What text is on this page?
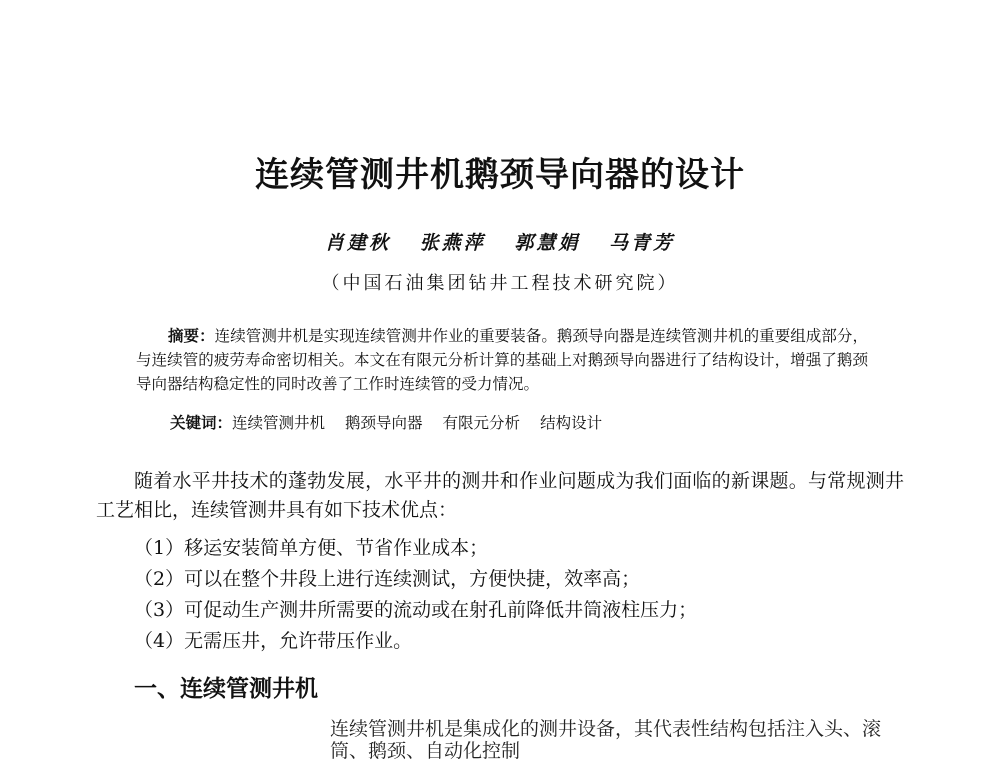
连续管测井机鹅颈导向器的设计
肖建秋 张燕萍 郭慧娟 马青芳
（中国石油集团钻井工程技术研究院）
摘要：连续管测井机是实现连续管测井作业的重要装备。鹅颈导向器是连续管测井机的重要组成部分，与连续管的疲劳寿命密切相关。本文在有限元分析计算的基础上对鹅颈导向器进行了结构设计，增强了鹅颈导向器结构稳定性的同时改善了工作时连续管的受力情况。
关键词：连续管测井机 鹅颈导向器 有限元分析 结构设计

随着水平井技术的蓬勃发展，水平井的测井和作业问题成为我们面临的新课题。与常规测井工艺相比，连续管测井具有如下技术优点：

（1）移运安装简单方便、节省作业成本；
（2）可以在整个井段上进行连续测试，方便快捷，效率高；
（3）可促动生产测井所需要的流动或在射孔前降低井筒液柱压力；
（4）无需压井，允许带压作业。
一、连续管测井机
连续管测井机是集成化的测井设备，其代表性结构包括注入头、滚筒、鹅颈、自动化控制
